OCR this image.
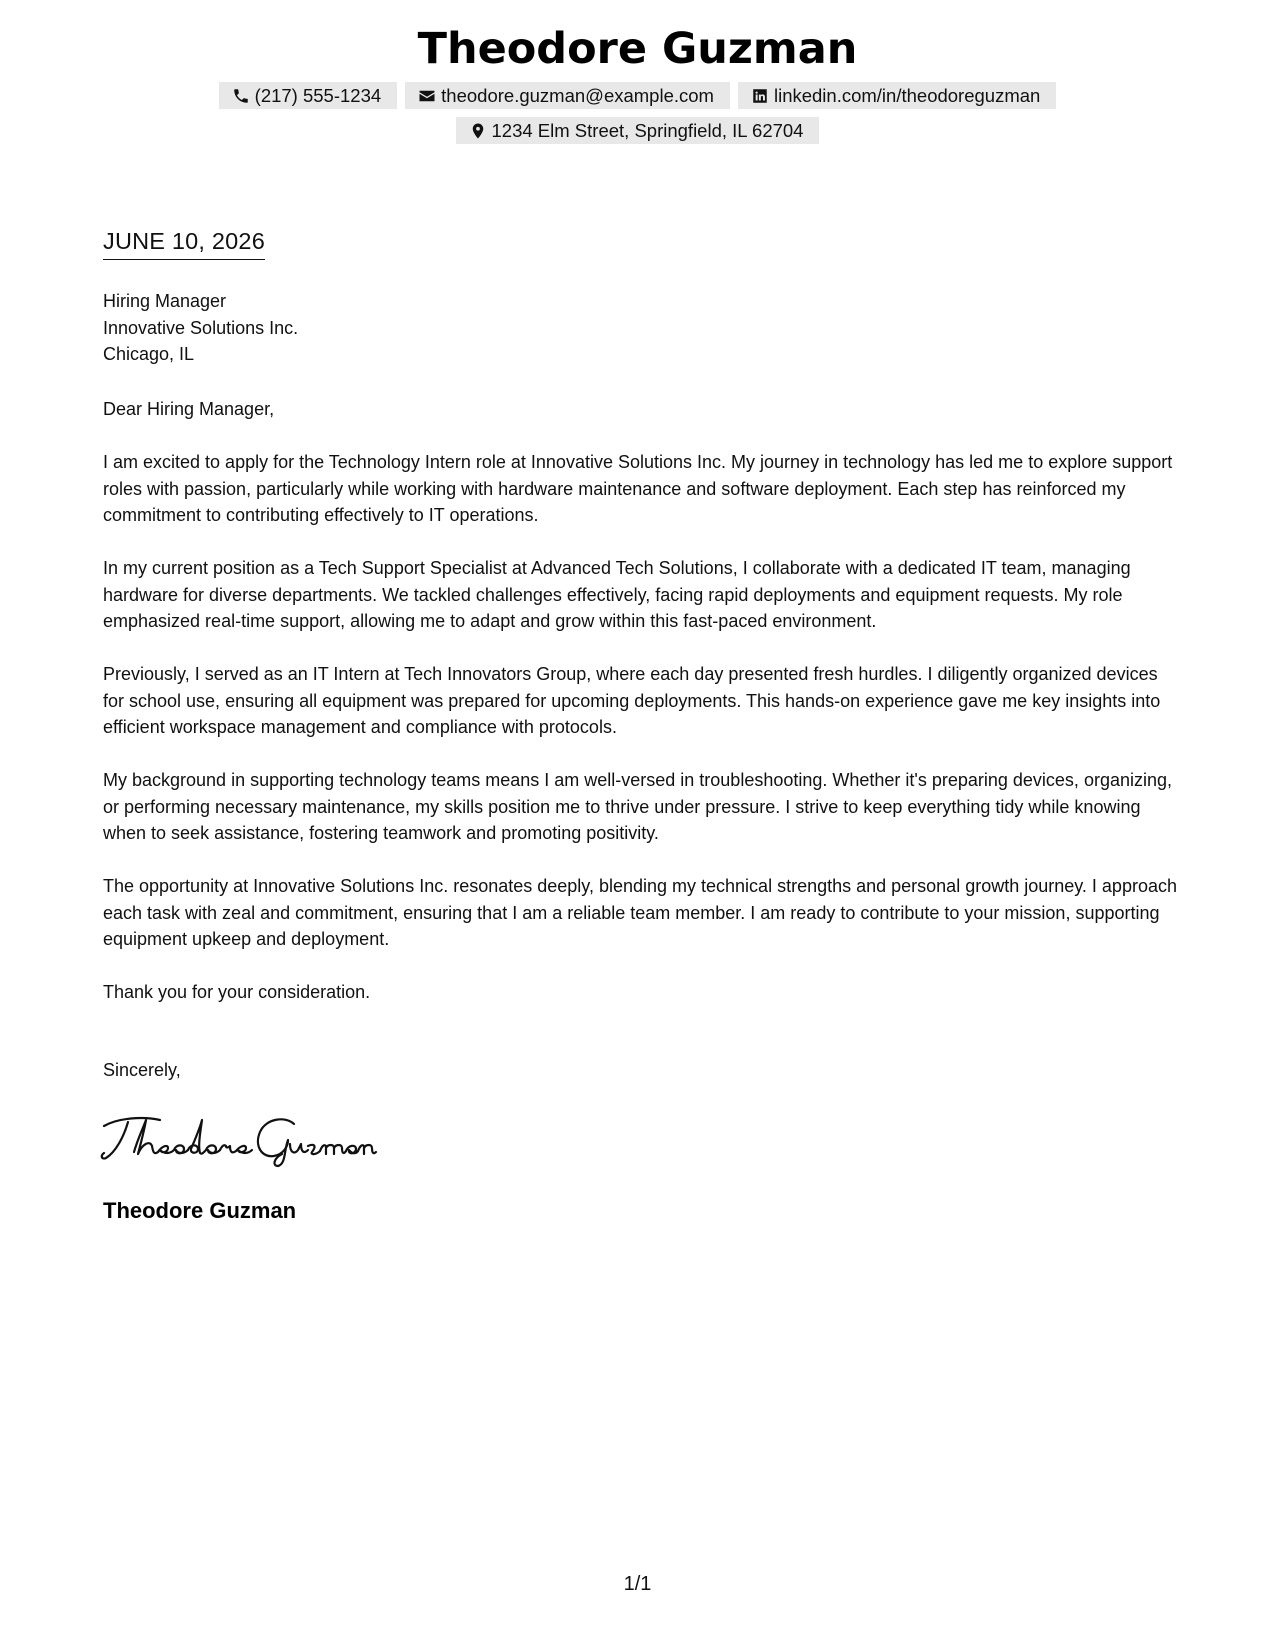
Theodore Guzman
(217) 555-1234	theodore.guzman@example.com	linkedin.com/in/theodoreguzman
1234 Elm Street, Springfield, IL 62704
JUNE 10, 2026
Hiring Manager
Innovative Solutions Inc.
Chicago, IL
Dear Hiring Manager,

I am excited to apply for the Technology Intern role at Innovative Solutions Inc. My journey in technology has led me to explore support roles with passion, particularly while working with hardware maintenance and software deployment. Each step has reinforced my commitment to contributing effectively to IT operations.

In my current position as a Tech Support Specialist at Advanced Tech Solutions, I collaborate with a dedicated IT team, managing hardware for diverse departments. We tackled challenges effectively, facing rapid deployments and equipment requests. My role emphasized real-time support, allowing me to adapt and grow within this fast-paced environment.

Previously, I served as an IT Intern at Tech Innovators Group, where each day presented fresh hurdles. I diligently organized devices for school use, ensuring all equipment was prepared for upcoming deployments. This hands-on experience gave me key insights into efficient workspace management and compliance with protocols.

My background in supporting technology teams means I am well-versed in troubleshooting. Whether it's preparing devices, organizing, or performing necessary maintenance, my skills position me to thrive under pressure. I strive to keep everything tidy while knowing when to seek assistance, fostering teamwork and promoting positivity.

The opportunity at Innovative Solutions Inc. resonates deeply, blending my technical strengths and personal growth journey. I approach each task with zeal and commitment, ensuring that I am a reliable team member. I am ready to contribute to your mission, supporting equipment upkeep and deployment.

Thank you for your consideration.

Sincerely,
Theodore Guzman
1/1
